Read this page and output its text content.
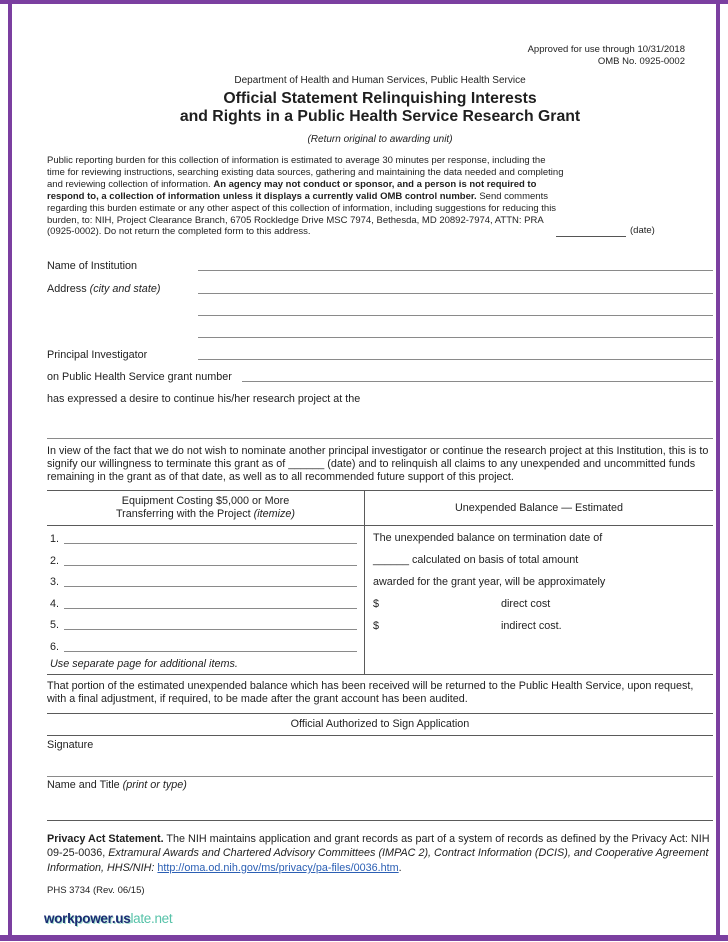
Approved for use through 10/31/2018
OMB No. 0925-0002
Department of Health and Human Services, Public Health Service
Official Statement Relinquishing Interests
and Rights in a Public Health Service Research Grant
(Return original to awarding unit)
Public reporting burden for this collection of information is estimated to average 30 minutes per response, including the time for reviewing instructions, searching existing data sources, gathering and maintaining the data needed and completing and reviewing collection of information. An agency may not conduct or sponsor, and a person is not required to respond to, a collection of information unless it displays a currently valid OMB control number. Send comments regarding this burden estimate or any other aspect of this collection of information, including suggestions for reducing this burden, to: NIH, Project Clearance Branch, 6705 Rockledge Drive MSC 7974, Bethesda, MD 20892-7974, ATTN: PRA (0925-0002). Do not return the completed form to this address.	(date)
Name of Institution
Address (city and state)
Principal Investigator
on Public Health Service grant number
has expressed a desire to continue his/her research project at the
In view of the fact that we do not wish to nominate another principal investigator or continue the research project at this Institution, this is to signify our willingness to terminate this grant as of ______ (date) and to relinquish all claims to any unexpended and uncommitted funds remaining in the grant as of that date, as well as to all recommended future support of this project.
Equipment Costing $5,000 or More
Transferring with the Project (itemize)
Unexpended Balance — Estimated
1.
2.
3.
4.
5.
6.
Use separate page for additional items.
The unexpended balance on termination date of
______ calculated on basis of total amount
awarded for the grant year, will be approximately
$	direct cost
$	indirect cost.
That portion of the estimated unexpended balance which has been received will be returned to the Public Health Service, upon request, with a final adjustment, if required, to be made after the grant account has been audited.
Official Authorized to Sign Application
Signature
Name and Title (print or type)
Privacy Act Statement. The NIH maintains application and grant records as part of a system of records as defined by the Privacy Act: NIH 09-25-0036, Extramural Awards and Chartered Advisory Committees (IMPAC 2), Contract Information (DCIS), and Cooperative Agreement Information, HHS/NIH: http://oma.od.nih.gov/ms/privacy/pa-files/0036.htm.
PHS 3734 (Rev. 06/15)
workpower.uslate.net
